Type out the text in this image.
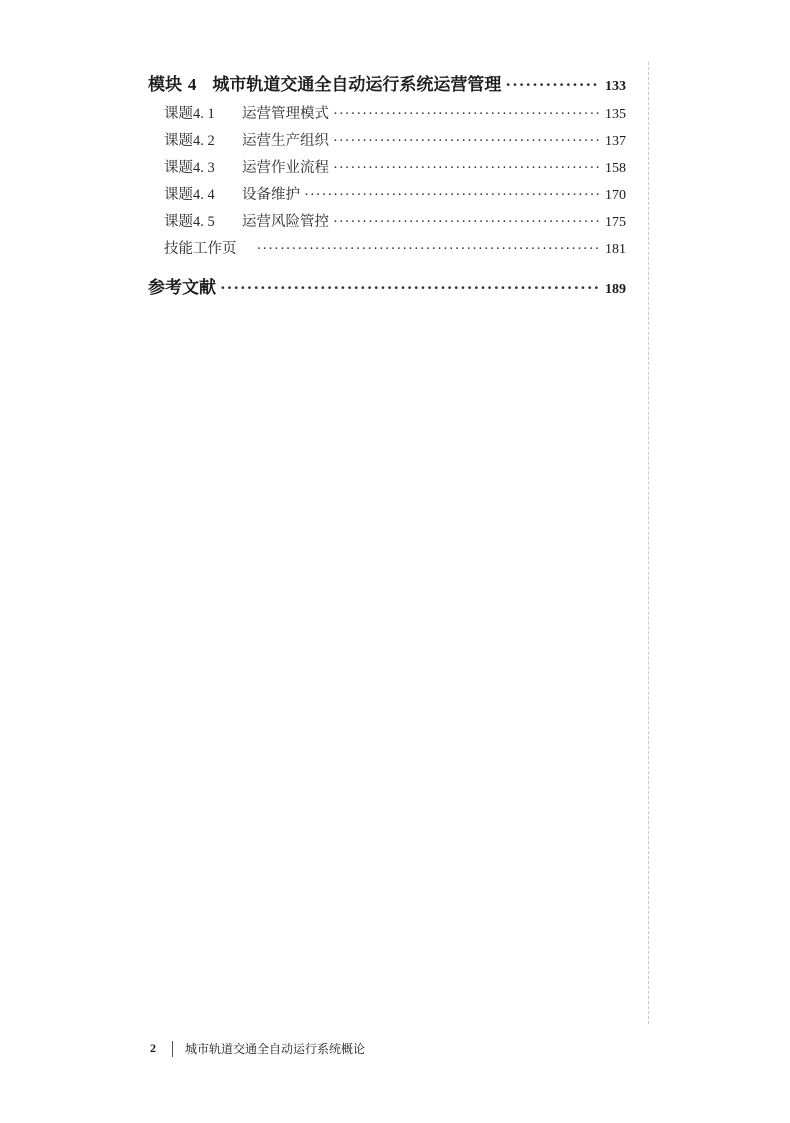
模块 4 城市轨道交通全自动运行系统运营管理 ·····	133
课题4. 1	运营管理模式 ·····	135
课题4. 2	运营生产组织 ·····	137
课题4. 3	运营作业流程 ·····	158
课题4. 4	设备维护 ·····	170
课题4. 5	运营风险管控 ·····	175
技能工作页 ·····	181
参考文献 ·····	189
2 城市轨道交通全自动运行系统概论
